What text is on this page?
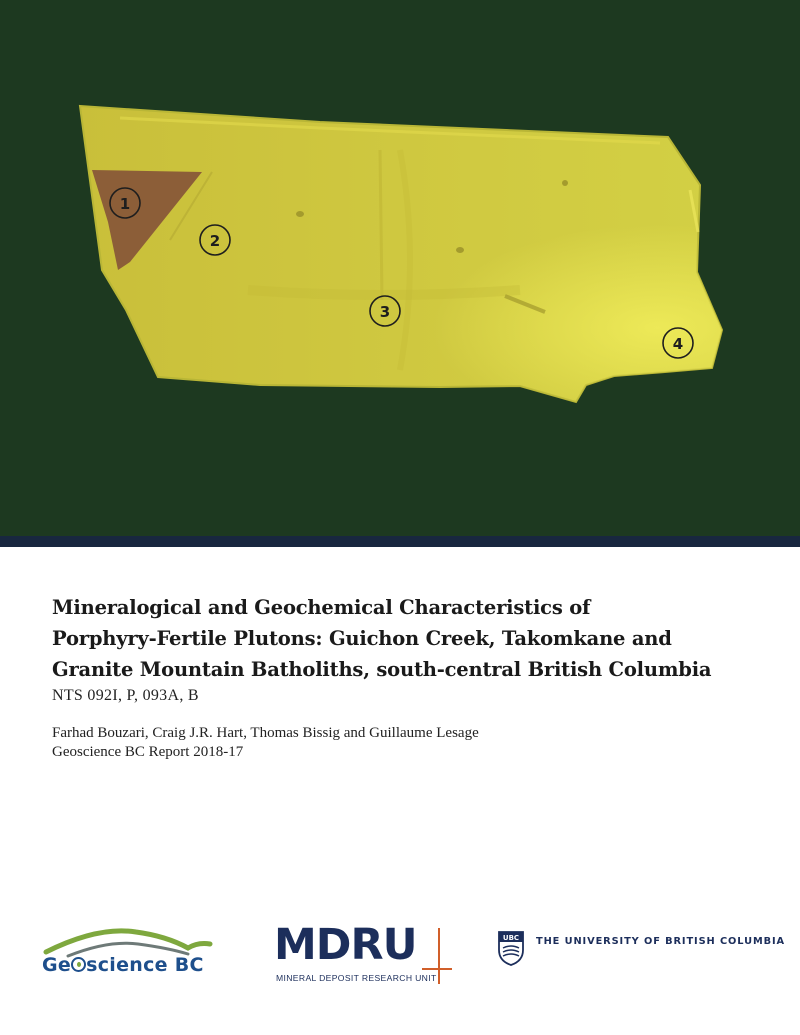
1
2
3
4
Mineralogical and Geochemical Characteristics of
Porphyry-Fertile Plutons: Guichon Creek, Takomkane and
Granite Mountain Batholiths, south-central British Columbia
NTS 092I, P, 093A, B
Farhad Bouzari, Craig J.R. Hart, Thomas Bissig and Guillaume Lesage
Geoscience BC Report 2018-17
Ge science BC MDRU
MINERAL DEPOSIT RESEARCH UNIT
UBC THE UNIVERSITY OF BRITISH COLUMBIA
